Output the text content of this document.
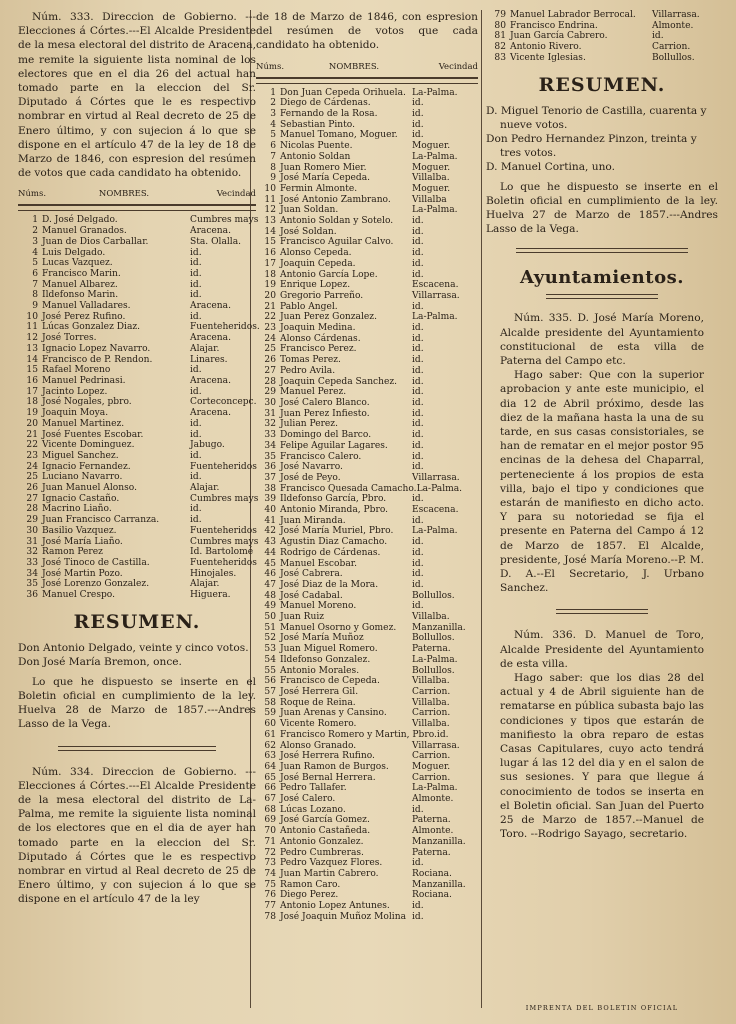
Núm. 333. Direccion de Gobierno. ---Elecciones á Córtes.---El Alcalde Presidente de la mesa electoral del distrito de Aracena, me remite la siguiente lista nominal de los electores que en el dia 26 del actual han tomado parte en la eleccion del Sr. Diputado á Córtes que le es respectivo nombrar en virtud al Real decreto de 25 de Enero último, y con sujecion á lo que se dispone en el artículo 47 de la ley de 18 de Marzo de 1846, con espresion del resúmen de votos que cada candidato ha obtenido.

Núms.	NOMBRES.	Vecindad
1 D. José Delgado.	Cumbres mays
2 Manuel Granados.	Aracena.
3 Juan de Dios Carballar.	Sta. Olalla.
4 Luis Delgado.	id.
5 Lucas Vazquez.	id.
6 Francisco Marin.	id.
7 Manuel Albarez.	id.
8 Ildefonso Marin.	id.
9 Manuel Valladares.	Aracena.
10 José Perez Rufino.	id.
11 Lúcas Gonzalez Diaz.	Fuenteheridos.
12 José Torres.	Aracena.
13 Ignacio Lopez Navarro.	Alajar.
14 Francisco de P. Rendon.	Linares.
15 Rafael Moreno	id.
16 Manuel Pedrinasi.	Aracena.
17 Jacinto Lopez.	id.
18 José Nogales, pbro.	Corteconcepc.
19 Joaquin Moya.	Aracena.
20 Manuel Martinez.	id.
21 José Fuentes Escobar.	id.
22 Vicente Dominguez.	Jabugo.
23 Miguel Sanchez.	id.
24 Ignacio Fernandez.	Fuenteheridos
25 Luciano Navarro.	id.
26 Juan Manuel Alonso.	Alajar.
27 Ignacio Castaño.	Cumbres mays
28 Macrino Liaño.	id.
29 Juan Francisco Carranza.	id.
30 Basilio Vazquez.	Fuenteheridos
31 José María Liaño.	Cumbres mays
32 Ramon Perez	Id. Bartolomé
33 José Tinoco de Castilla.	Fuenteheridos
34 José Martin Pozo.	Hinojales.
35 José Lorenzo Gonzalez.	Alajar.
36 Manuel Crespo.	Higuera.
RESUMEN.

Don Antonio Delgado, veinte y cinco votos.

Don José María Bremon, once.

Lo que he dispuesto se inserte en el Boletin oficial en cumplimiento de la ley. Huelva 28 de Marzo de 1857.---Andres Lasso de la Vega.

Núm. 334. Direccion de Gobierno. ---Elecciones á Córtes.---El Alcalde Presidente de la mesa electoral del distrito de La-Palma, me remite la siguiente lista nominal de los electores que en el dia de ayer han tomado parte en la eleccion del Sr. Diputado á Córtes que le es respectivo nombrar en virtud al Real decreto de 25 de Enero último, y con sujecion á lo que se dispone en el artículo 47 de la ley

de 18 de Marzo de 1846, con espresion del resúmen de votos que cada candidato ha obtenido.

Núms.	NOMBRES.	Vecindad
1 Don Juan Cepeda Orihuela. La-Palma.
2 Diego de Cárdenas.	id.
3 Fernando de la Rosa.	id.
4 Sebastian Pinto.	id.
5 Manuel Tomano, Moguer.	id.
6 Nicolas Puente.	Moguer.
7 Antonio Soldan	La-Palma.
8 Juan Romero Mier.	Moguer.
9 José María Cepeda.	Villalba.
10 Fermin Almonte.	Moguer.
11 José Antonio Zambrano.	Villalba
12 Juan Soldan.	La-Palma.
13 Antonio Soldan y Sotelo.	id.
14 José Soldan.	id.
15 Francisco Aguilar Calvo.	id.
16 Alonso Cepeda.	id.
17 Joaquin Cepeda.	id.
18 Antonio García Lope.	id.
19 Enrique Lopez.	Escacena.
20 Gregorio Parreño.	Villarrasa.
21 Pablo Angel.	id.
22 Juan Perez Gonzalez.	La-Palma.
23 Joaquin Medina.	id.
24 Alonso Cárdenas.	id.
25 Francisco Perez.	id.
26 Tomas Perez.	id.
27 Pedro Avila.	id.
28 Joaquin Cepeda Sanchez.	id.
29 Manuel Perez.	id.
30 José Calero Blanco.	id.
31 Juan Perez Infiesto.	id.
32 Julian Perez.	id.
33 Domingo del Barco.	id.
34 Felipe Aguilar Lagares.	id.
35 Francisco Calero.	id.
36 José Navarro.	id.
37 José de Peyo.	Villarrasa.
38 Francisco Quesada Camacho. La-Palma.
39 Ildefonso García, Pbro.	id.
40 Antonio Miranda, Pbro.	Escacena.
41 Juan Miranda.	id.
42 José María Muriel, Pbro.	La-Palma.
43 Agustin Diaz Camacho.	id.
44 Rodrigo de Cárdenas.	id.
45 Manuel Escobar.	id.
46 José Cabrera.	id.
47 José Diaz de la Mora.	id.
48 José Cadabal.	Bollullos.
49 Manuel Moreno.	id.
50 Juan Ruiz	Villalba.
51 Manuel Osorno y Gomez.	Manzanilla.
52 José María Muñoz	Bollullos.
53 Juan Miguel Romero.	Paterna.
54 Ildefonso Gonzalez.	La-Palma.
55 Antonio Morales.	Bollullos.
56 Francisco de Cepeda.	Villalba.
57 José Herrera Gil.	Carrion.
58 Roque de Reina.	Villalba.
59 Juan Arenas y Cansino.	Carrion.
60 Vicente Romero.	Villalba.
61 Francisco Romero y Martin, Pbro. id.
62 Alonso Granado.	Villarrasa.
63 José Herrera Rufino.	Carrion.
64 Juan Ramon de Burgos.	Moguer.
65 José Bernal Herrera.	Carrion.
66 Pedro Tallafer.	La-Palma.
67 José Calero.	Almonte.
68 Lúcas Lozano.	id.
69 José García Gomez.	Paterna.
70 Antonio Castañeda.	Almonte.
71 Antonio Gonzalez.	Manzanilla.
72 Pedro Cumbreras.	Paterna.
73 Pedro Vazquez Flores.	id.
74 Juan Martin Cabrero.	Rociana.
75 Ramon Caro.	Manzanilla.
76 Diego Perez.	Rociana.
77 Antonio Lopez Antunes.	id.
78 José Joaquin Muñoz Molina id.
79 Manuel Labrador Berrocal.	Villarrasa.
80 Francisco Endrina.	Almonte.
81 Juan García Cabrero.	id.
82 Antonio Rivero.	Carrion.
83 Vicente Iglesias.	Bollullos.
RESUMEN.

D. Miguel Tenorio de Castilla, cuarenta y nueve votos.

Don Pedro Hernandez Pinzon, treinta y tres votos.

D. Manuel Cortina, uno.

Lo que he dispuesto se inserte en el Boletin oficial en cumplimiento de la ley. Huelva 27 de Marzo de 1857.---Andres Lasso de la Vega.

Ayuntamientos.

Núm. 335. D. José María Moreno, Alcalde presidente del Ayuntamiento constitucional de esta villa de Paterna del Campo etc.

Hago saber: Que con la superior aprobacion y ante este municipio, el dia 12 de Abril próximo, desde las diez de la mañana hasta la una de su tarde, en sus casas consistoriales, se han de rematar en el mejor postor 95 encinas de la dehesa del Chaparral, perteneciente á los propios de esta villa, bajo el tipo y condiciones que estarán de manifiesto en dicho acto. Y para su notoriedad se fija el presente en Paterna del Campo á 12 de Marzo de 1857. El Alcalde, presidente, José María Moreno.--P. M. D. A.--El Secretario, J. Urbano Sanchez.

Núm. 336. D. Manuel de Toro, Alcalde Presidente del Ayuntamiento de esta villa.

Hago saber: que los dias 28 del actual y 4 de Abril siguiente han de rematarse en pública subasta bajo las condiciones y tipos que estarán de manifiesto la obra reparo de estas Casas Capitulares, cuyo acto tendrá lugar á las 12 del dia y en el salon de sus sesiones. Y para que llegue á conocimiento de todos se inserta en el Boletin oficial. San Juan del Puerto 25 de Marzo de 1857.--Manuel de Toro. --Rodrigo Sayago, secretario.

IMPRENTA DEL BOLETIN OFICIAL
